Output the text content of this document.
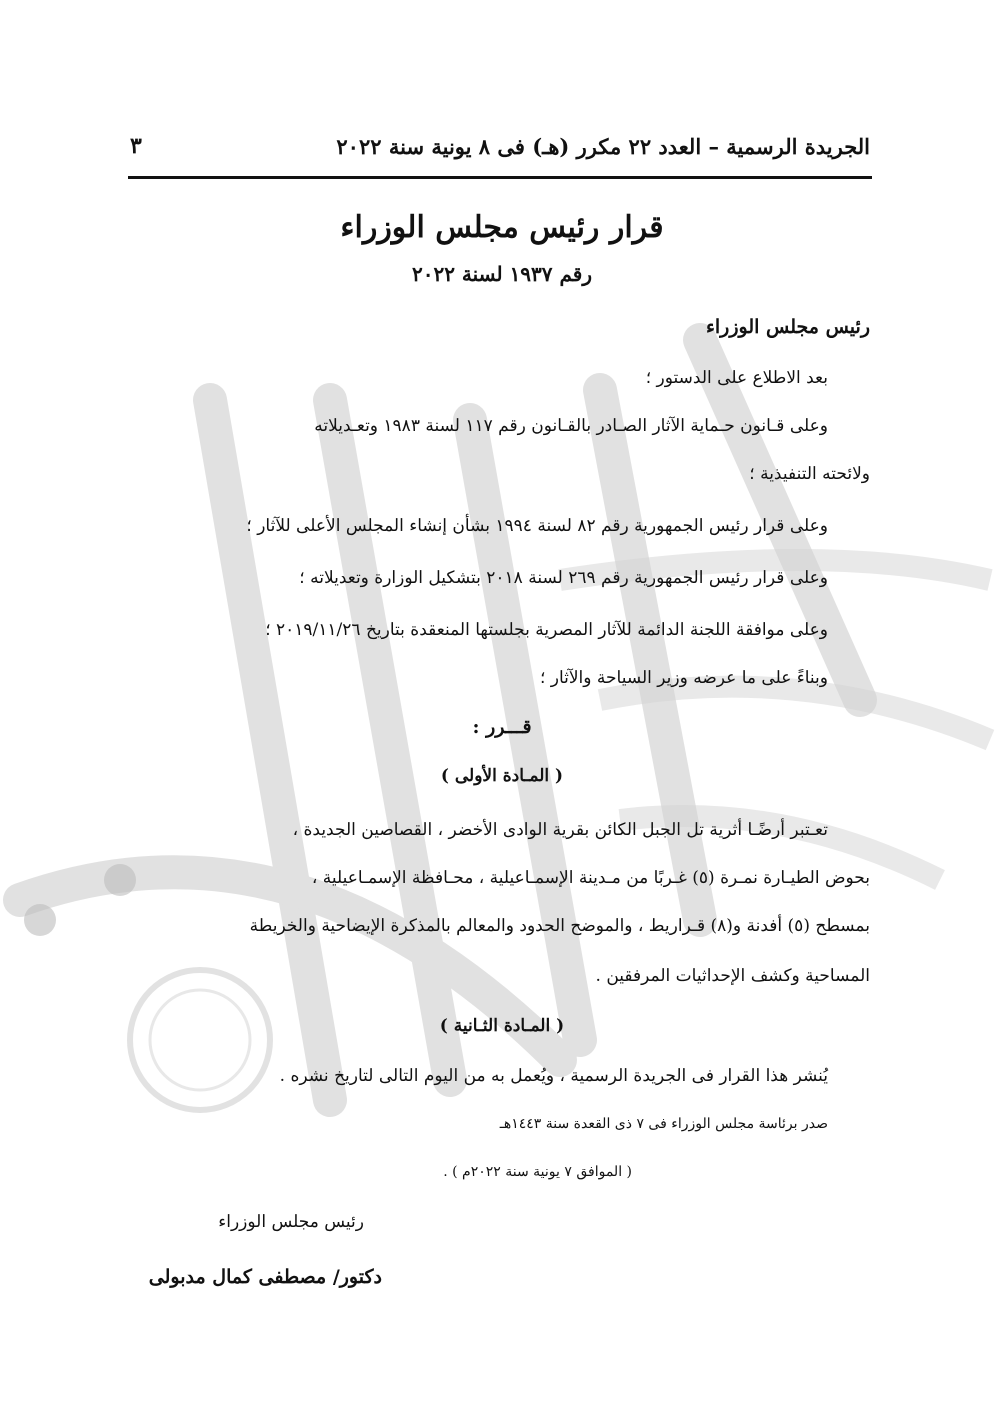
٣	الجريدة الرسمية – العدد ٢٢ مكرر (هـ) فى ٨ يونية سنة ٢٠٢٢
قرار رئيس مجلس الوزراء
رقم ١٩٣٧ لسنة ٢٠٢٢
رئيس مجلس الوزراء
بعد الاطلاع على الدستور ؛
وعلى قـانون حـماية الآثار الصـادر بالقـانون رقم ١١٧ لسنة ١٩٨٣ وتعـديلاته
ولائحته التنفيذية ؛
وعلى قرار رئيس الجمهورية رقم ٨٢ لسنة ١٩٩٤ بشأن إنشاء المجلس الأعلى للآثار ؛
وعلى قرار رئيس الجمهورية رقم ٢٦٩ لسنة ٢٠١٨ بتشكيل الوزارة وتعديلاته ؛
وعلى موافقة اللجنة الدائمة للآثار المصرية بجلستها المنعقدة بتاريخ ٢٠١٩/١١/٢٦ ؛
وبناءً على ما عرضه وزير السياحة والآثار ؛
قـــرر :
( المـادة الأولى )
تعـتبر أرضًـا أثرية تل الجبل الكائن بقرية الوادى الأخضر ، القصاصين الجديدة ،
بحوض الطيـارة نمـرة (٥) غـربًا من مـدينة الإسمـاعيلية ، محـافظة الإسمـاعيلية ،
بمسطح (٥) أفدنة و(٨) قـراريط ، والموضح الحدود والمعالم بالمذكرة الإيضاحية والخريطة
المساحية وكشف الإحداثيات المرفقين .
( المـادة الثـانية )
يُنشر هذا القرار فى الجريدة الرسمية ، ويُعمل به من اليوم التالى لتاريخ نشره .
صدر برئاسة مجلس الوزراء فى ٧ ذى القعدة سنة ١٤٤٣هـ
( الموافق ٧ يونية سنة ٢٠٢٢م ) .
رئيس مجلس الوزراء
دكتور/ مصطفى كمال مدبولى
